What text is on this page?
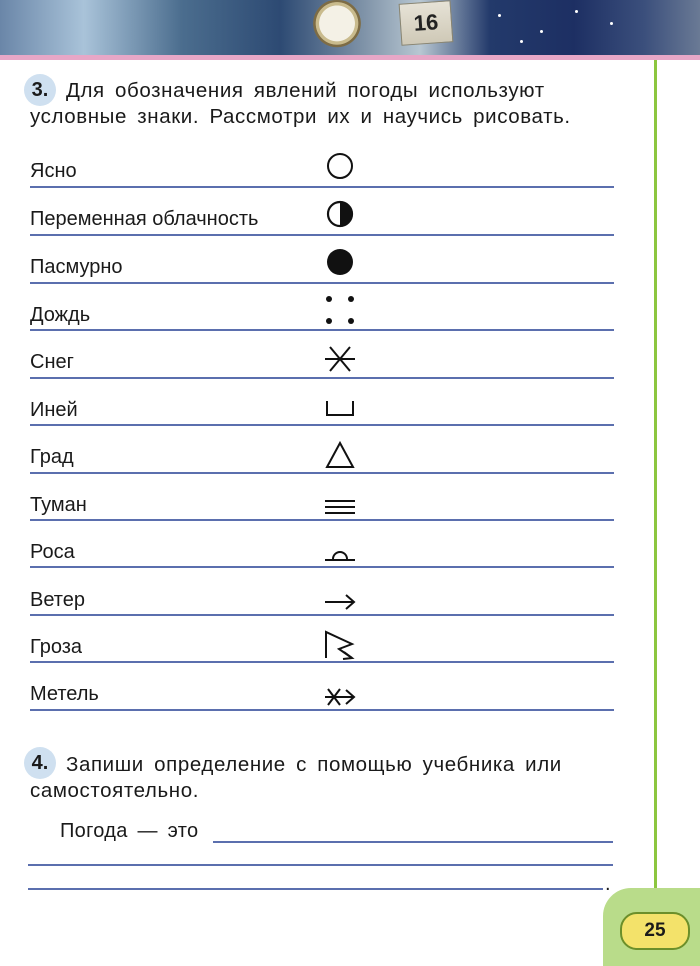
16
3. Для обозначения явлений погоды используют
условные знаки. Рассмотри их и научись рисовать.
Ясно
Переменная облачность
Пасмурно
Дождь
Снег
Иней
Град
Туман
Роса
Ветер
Гроза
Метель
4. Запиши определение с помощью учебника или
самостоятельно.
Погода — это
.
25
